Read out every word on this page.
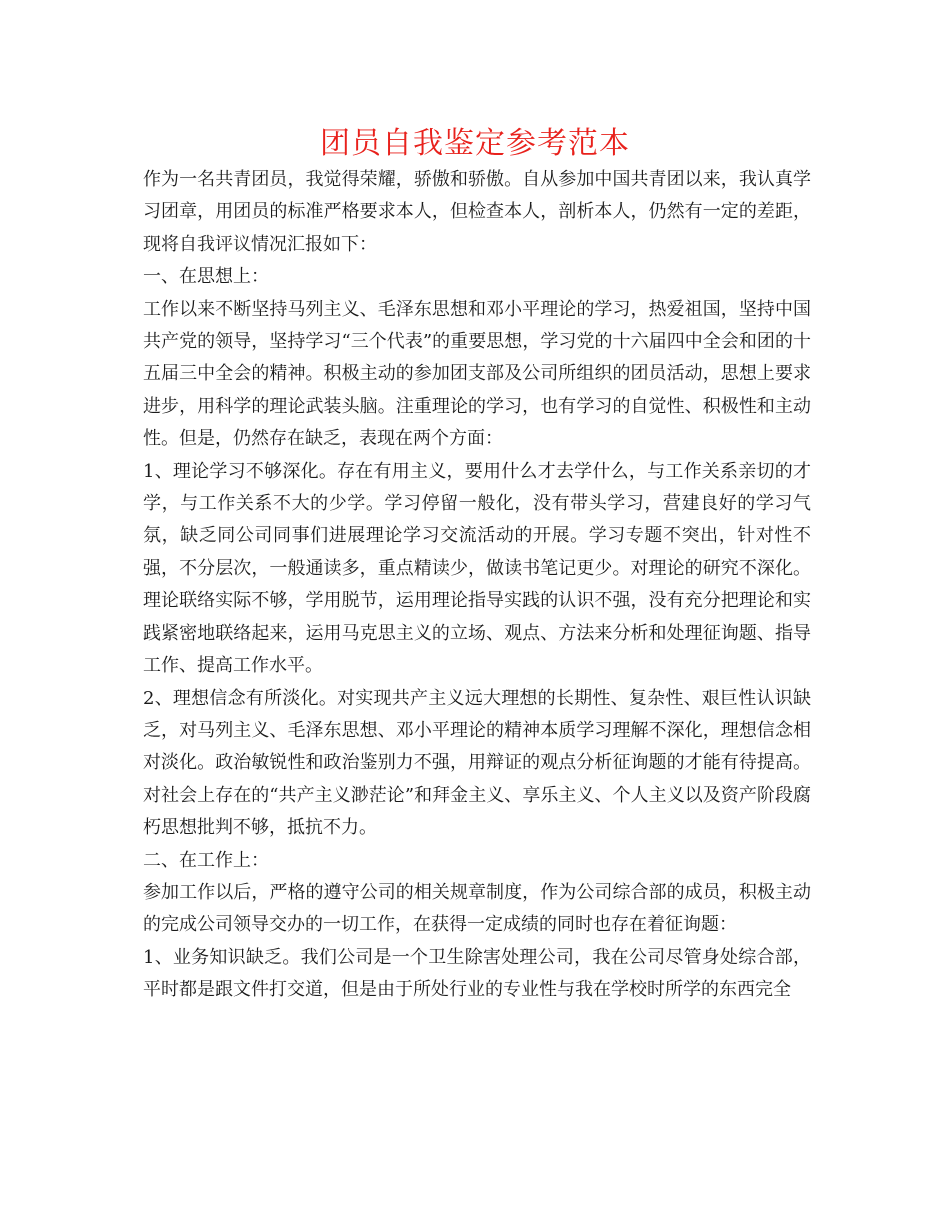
团员自我鉴定参考范本

作为一名共青团员，我觉得荣耀，骄傲和骄傲。自从参加中国共青团以来，我认真学习团章，用团员的标准严格要求本人，但检查本人，剖析本人，仍然有一定的差距，现将自我评议情况汇报如下：

一、在思想上：

工作以来不断坚持马列主义、毛泽东思想和邓小平理论的学习，热爱祖国，坚持中国共产党的领导，坚持学习“三个代表”的重要思想，学习党的十六届四中全会和团的十五届三中全会的精神。积极主动的参加团支部及公司所组织的团员活动，思想上要求进步，用科学的理论武装头脑。注重理论的学习，也有学习的自觉性、积极性和主动性。但是，仍然存在缺乏，表现在两个方面：

1、理论学习不够深化。存在有用主义，要用什么才去学什么，与工作关系亲切的才学，与工作关系不大的少学。学习停留一般化，没有带头学习，营建良好的学习气氛，缺乏同公司同事们进展理论学习交流活动的开展。学习专题不突出，针对性不强，不分层次，一般通读多，重点精读少，做读书笔记更少。对理论的研究不深化。理论联络实际不够，学用脱节，运用理论指导实践的认识不强，没有充分把理论和实践紧密地联络起来，运用马克思主义的立场、观点、方法来分析和处理征询题、指导工作、提高工作水平。

2、理想信念有所淡化。对实现共产主义远大理想的长期性、复杂性、艰巨性认识缺乏，对马列主义、毛泽东思想、邓小平理论的精神本质学习理解不深化，理想信念相对淡化。政治敏锐性和政治鉴别力不强，用辩证的观点分析征询题的才能有待提高。对社会上存在的“共产主义渺茫论”和拜金主义、享乐主义、个人主义以及资产阶段腐朽思想批判不够，抵抗不力。

二、在工作上：

参加工作以后，严格的遵守公司的相关规章制度，作为公司综合部的成员，积极主动的完成公司领导交办的一切工作，在获得一定成绩的同时也存在着征询题：

1、业务知识缺乏。我们公司是一个卫生除害处理公司，我在公司尽管身处综合部，平时都是跟文件打交道，但是由于所处行业的专业性与我在学校时所学的东西完全
